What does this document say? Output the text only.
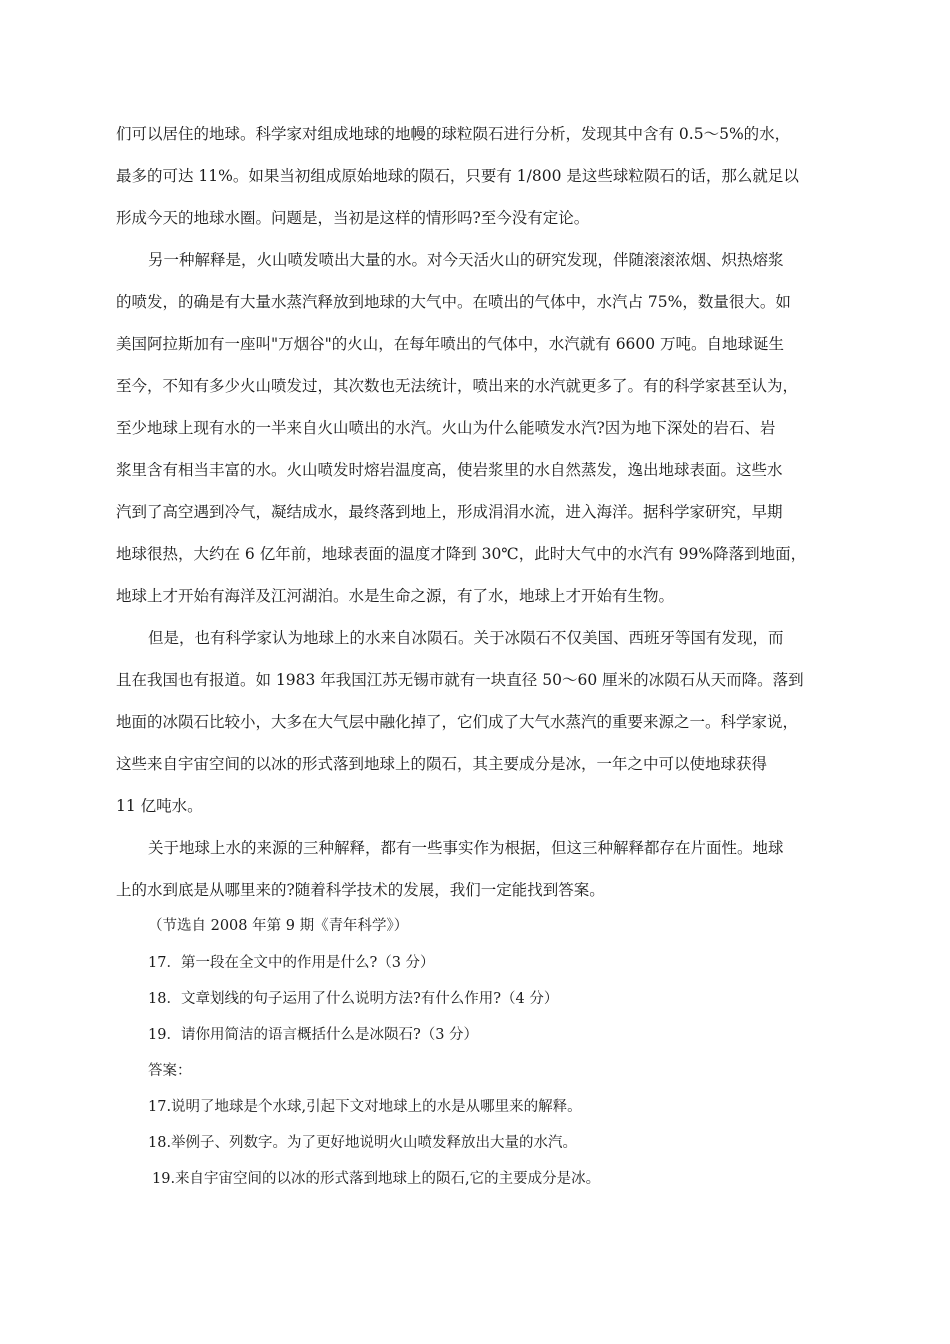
们可以居住的地球。科学家对组成地球的地幔的球粒陨石进行分析，发现其中含有 0.5～5%的水，
最多的可达 11%。如果当初组成原始地球的陨石，只要有 1/800 是这些球粒陨石的话，那么就足以
形成今天的地球水圈。问题是，当初是这样的情形吗?至今没有定论。
另一种解释是，火山喷发喷出大量的水。对今天活火山的研究发现，伴随滚滚浓烟、炽热熔浆
的喷发，的确是有大量水蒸汽释放到地球的大气中。在喷出的气体中，水汽占 75%，数量很大。如
美国阿拉斯加有一座叫"万烟谷"的火山，在每年喷出的气体中，水汽就有 6600 万吨。自地球诞生
至今，不知有多少火山喷发过，其次数也无法统计，喷出来的水汽就更多了。有的科学家甚至认为，
至少地球上现有水的一半来自火山喷出的水汽。火山为什么能喷发水汽?因为地下深处的岩石、岩
浆里含有相当丰富的水。火山喷发时熔岩温度高，使岩浆里的水自然蒸发，逸出地球表面。这些水
汽到了高空遇到冷气，凝结成水，最终落到地上，形成涓涓水流，进入海洋。据科学家研究，早期
地球很热，大约在 6 亿年前，地球表面的温度才降到 30℃，此时大气中的水汽有 99%降落到地面，
地球上才开始有海洋及江河湖泊。水是生命之源，有了水，地球上才开始有生物。
但是，也有科学家认为地球上的水来自冰陨石。关于冰陨石不仅美国、西班牙等国有发现，而
且在我国也有报道。如 1983 年我国江苏无锡市就有一块直径 50～60 厘米的冰陨石从天而降。落到
地面的冰陨石比较小，大多在大气层中融化掉了，它们成了大气水蒸汽的重要来源之一。科学家说，
这些来自宇宙空间的以冰的形式落到地球上的陨石，其主要成分是冰，一年之中可以使地球获得
11 亿吨水。
关于地球上水的来源的三种解释，都有一些事实作为根据，但这三种解释都存在片面性。地球
上的水到底是从哪里来的?随着科学技术的发展，我们一定能找到答案。
（节选自 2008 年第 9 期《青年科学》）
17．第一段在全文中的作用是什么?（3 分）
18．文章划线的句子运用了什么说明方法?有什么作用?（4 分）
19．请你用简洁的语言概括什么是冰陨石?（3 分）
答案：
17.说明了地球是个水球,引起下文对地球上的水是从哪里来的解释。
18.举例子、列数字。为了更好地说明火山喷发释放出大量的水汽。
19.来自宇宙空间的以冰的形式落到地球上的陨石,它的主要成分是冰。
